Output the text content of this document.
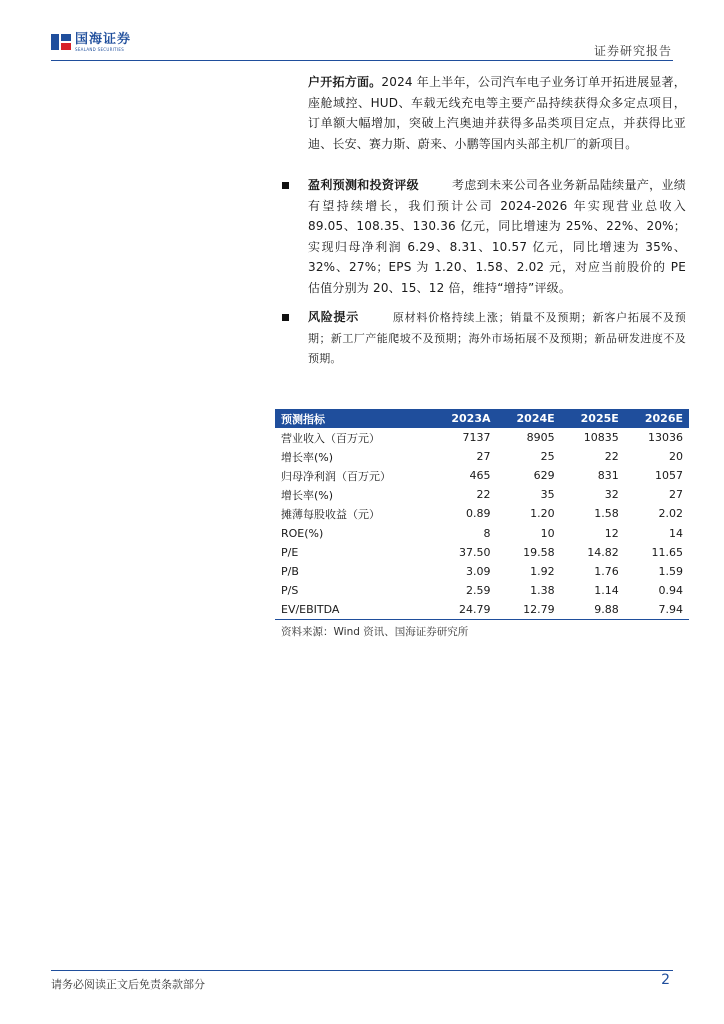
国海证券
SEALAND SECURITIES	证券研究报告
户开拓方面。2024 年上半年，公司汽车电子业务订单开拓进展显著，座舱域控、HUD、车载无线充电等主要产品持续获得众多定点项目，订单额大幅增加，突破上汽奥迪并获得多品类项目定点，并获得比亚迪、长安、赛力斯、蔚来、小鹏等国内头部主机厂的新项目。
盈利预测和投资评级	考虑到未来公司各业务新品陆续量产，业绩有望持续增长，我们预计公司 2024-2026 年实现营业总收入 89.05、108.35、130.36 亿元，同比增速为 25%、22%、20%；实现归母净利润 6.29、8.31、10.57 亿元，同比增速为 35%、32%、27%；EPS 为 1.20、1.58、2.02 元，对应当前股价的 PE 估值分别为 20、15、12 倍，维持“增持”评级。
风险提示	原材料价格持续上涨；销量不及预期；新客户拓展不及预期；新工厂产能爬坡不及预期；海外市场拓展不及预期；新品研发进度不及预期。
预测指标	2023A	2024E	2025E	2026E
营业收入（百万元）	7137	8905	10835	13036
增长率(%)	27	25	22	20
归母净利润（百万元）	465	629	831	1057
增长率(%)	22	35	32	27
摊薄每股收益（元）	0.89	1.20	1.58	2.02
ROE(%)	8	10	12	14
P/E	37.50	19.58	14.82	11.65
P/B	3.09	1.92	1.76	1.59
P/S	2.59	1.38	1.14	0.94
EV/EBITDA	24.79	12.79	9.88	7.94
资料来源：Wind 资讯、国海证券研究所
请务必阅读正文后免责条款部分	2
